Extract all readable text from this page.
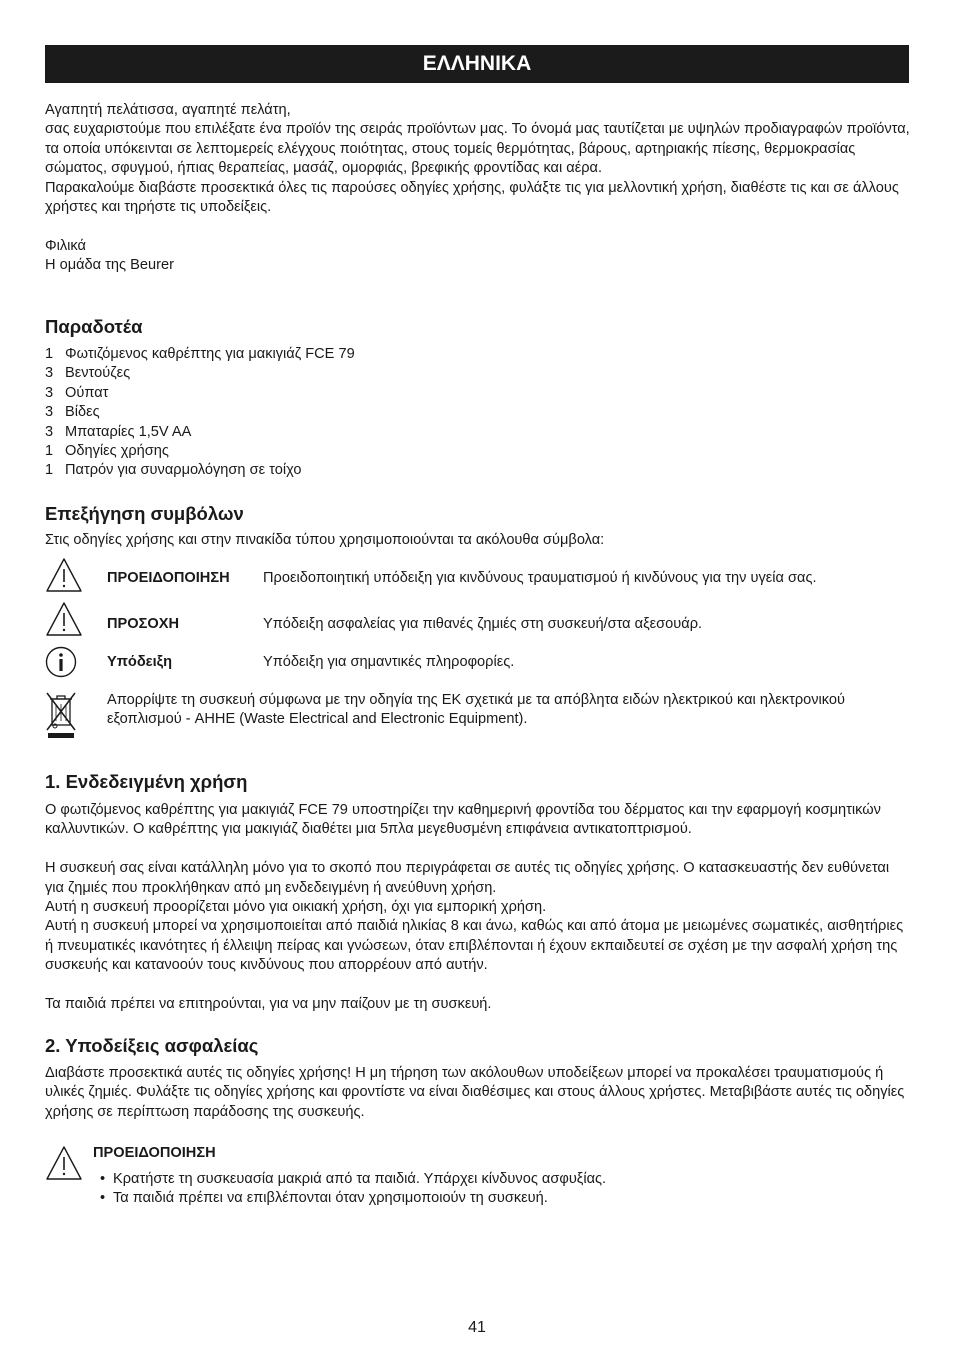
ΕΛΛΗΝΙΚΑ

Αγαπητή πελάτισσα, αγαπητέ πελάτη,

σας ευχαριστούμε που επιλέξατε ένα προϊόν της σειράς προϊόντων μας. Το όνομά μας ταυτίζεται με υψηλών προδιαγραφών προϊόντα, τα οποία υπόκεινται σε λεπτομερείς ελέγχους ποιότητας, στους τομείς θερμότητας, βάρους, αρτηριακής πίεσης, θερμοκρασίας σώματος, σφυγμού, ήπιας θεραπείας, μασάζ, ομορφιάς, βρεφικής φροντίδας και αέρα.

Παρακαλούμε διαβάστε προσεκτικά όλες τις παρούσες οδηγίες χρήσης, φυλάξτε τις για μελλοντική χρήση, διαθέστε τις και σε άλλους χρήστες και τηρήστε τις υποδείξεις.

Φιλικά

Η ομάδα της Beurer

Παραδοτέα
1 Φωτιζόμενος καθρέπτης για μακιγιάζ FCE 79
3 Βεντούζες
3 Ούπατ
3 Βίδες
3 Μπαταρίες 1,5V AA
1 Οδηγίες χρήσης
1 Πατρόν για συναρμολόγηση σε τοίχο
Επεξήγηση συμβόλων
Στις οδηγίες χρήσης και στην πινακίδα τύπου χρησιμοποιούνται τα ακόλουθα σύμβολα:
ΠΡΟΕΙΔΟΠΟΙΗΣΗ Προειδοποιητική υπόδειξη για κινδύνους τραυματισμού ή κινδύνους για την υγεία σας.
ΠΡΟΣΟΧΗ	Υπόδειξη ασφαλείας για πιθανές ζημιές στη συσκευή/στα αξεσουάρ.
Υπόδειξη	Υπόδειξη για σημαντικές πληροφορίες.
Απορρίψτε τη συσκευή σύμφωνα με την οδηγία της ΕΚ σχετικά με τα απόβλητα ειδών ηλεκτρικού και ηλεκτρονικού εξοπλισμού - AHHE (Waste Electrical and Electronic Equipment).
1. Ενδεδειγμένη χρήση

Ο φωτιζόμενος καθρέπτης για μακιγιάζ FCE 79 υποστηρίζει την καθημερινή φροντίδα του δέρματος και την εφαρμογή κοσμητικών καλλυντικών. Ο καθρέπτης για μακιγιάζ διαθέτει μια 5πλα μεγεθυσμένη επιφάνεια αντικατοπτρισμού.

Η συσκευή σας είναι κατάλληλη μόνο για το σκοπό που περιγράφεται σε αυτές τις οδηγίες χρήσης. Ο κατασκευαστής δεν ευθύνεται για ζημιές που προκλήθηκαν από μη ενδεδειγμένη ή ανεύθυνη χρήση.

Αυτή η συσκευή προορίζεται μόνο για οικιακή χρήση, όχι για εμπορική χρήση.

Αυτή η συσκευή μπορεί να χρησιμοποιείται από παιδιά ηλικίας 8 και άνω, καθώς και από άτομα με μειωμένες σωματικές, αισθητήριες ή πνευματικές ικανότητες ή έλλειψη πείρας και γνώσεων, όταν επιβλέπονται ή έχουν εκπαιδευτεί σε σχέση με την ασφαλή χρήση της συσκευής και κατανοούν τους κινδύνους που απορρέουν από αυτήν.

Τα παιδιά πρέπει να επιτηρούνται, για να μην παίζουν με τη συσκευή.

2. Υποδείξεις ασφαλείας
Διαβάστε προσεκτικά αυτές τις οδηγίες χρήσης! Η μη τήρηση των ακόλουθων υποδείξεων μπορεί να προκαλέσει τραυματισμούς ή υλικές ζημιές. Φυλάξτε τις οδηγίες χρήσης και φροντίστε να είναι διαθέσιμες και στους άλλους χρήστες. Μεταβιβάστε αυτές τις οδηγίες χρήσης σε περίπτωση παράδοσης της συσκευής.
ΠΡΟΕΙΔΟΠΟΙΗΣΗ
• Κρατήστε τη συσκευασία μακριά από τα παιδιά. Υπάρχει κίνδυνος ασφυξίας.
• Τα παιδιά πρέπει να επιβλέπονται όταν χρησιμοποιούν τη συσκευή.
41
